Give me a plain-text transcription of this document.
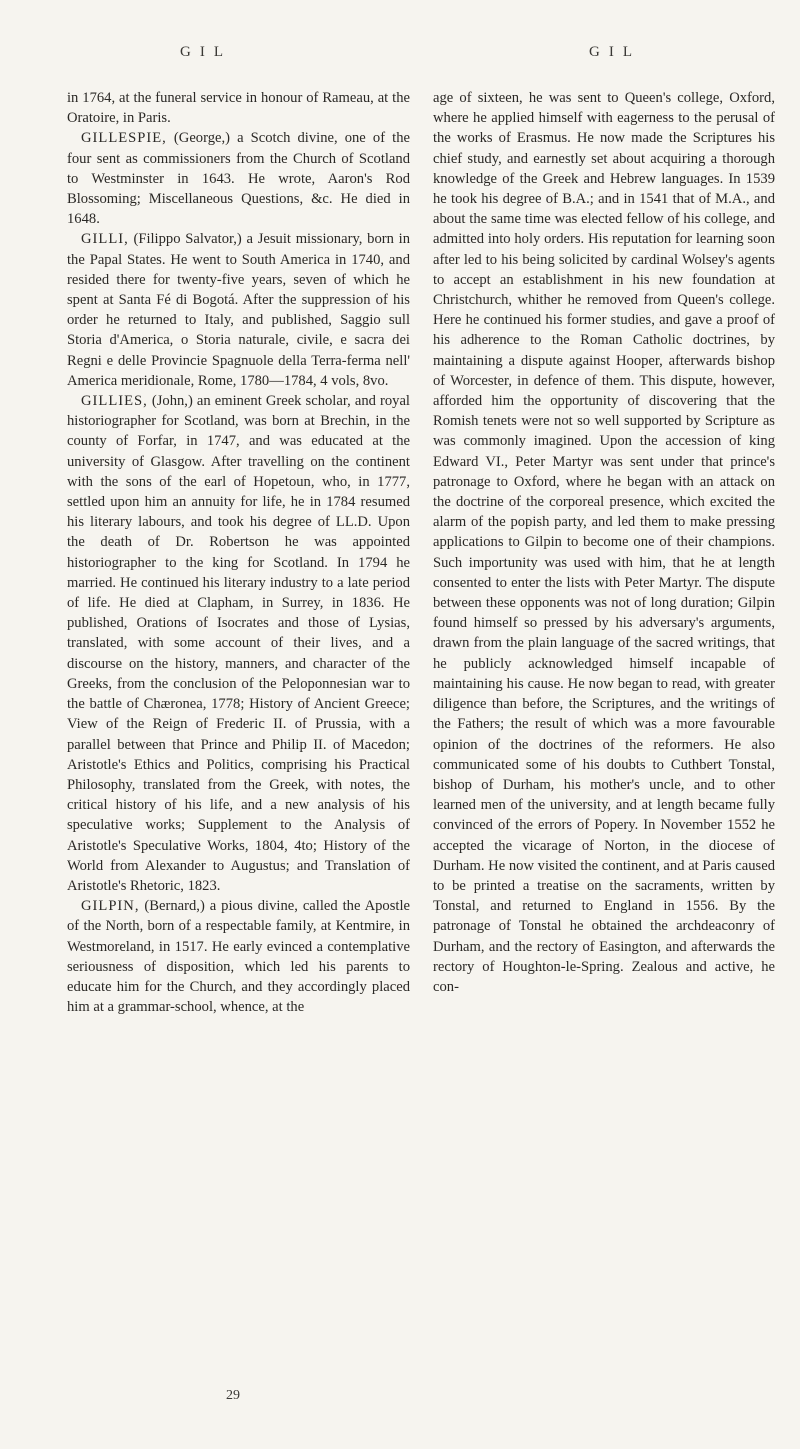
GIL	GIL

in 1764, at the funeral service in honour of Rameau, at the Oratoire, in Paris.

GILLESPIE, (George,) a Scotch divine, one of the four sent as commissioners from the Church of Scotland to Westminster in 1643. He wrote, Aaron's Rod Blossoming; Miscellaneous Questions, &c. He died in 1648.

GILLI, (Filippo Salvator,) a Jesuit missionary, born in the Papal States. He went to South America in 1740, and resided there for twenty-five years, seven of which he spent at Santa Fé di Bogotá. After the suppression of his order he returned to Italy, and published, Saggio sull Storia d'America, o Storia naturale, civile, e sacra dei Regni e delle Provincie Spagnuole della Terra-ferma nell' America meridionale, Rome, 1780—1784, 4 vols, 8vo.

GILLIES, (John,) an eminent Greek scholar, and royal historiographer for Scotland, was born at Brechin, in the county of Forfar, in 1747, and was educated at the university of Glasgow. After travelling on the continent with the sons of the earl of Hopetoun, who, in 1777, settled upon him an annuity for life, he in 1784 resumed his literary labours, and took his degree of LL.D. Upon the death of Dr. Robertson he was appointed historiographer to the king for Scotland. In 1794 he married. He continued his literary industry to a late period of life. He died at Clapham, in Surrey, in 1836. He published, Orations of Isocrates and those of Lysias, translated, with some account of their lives, and a discourse on the history, manners, and character of the Greeks, from the conclusion of the Peloponnesian war to the battle of Chæronea, 1778; History of Ancient Greece; View of the Reign of Frederic II. of Prussia, with a parallel between that Prince and Philip II. of Macedon; Aristotle's Ethics and Politics, comprising his Practical Philosophy, translated from the Greek, with notes, the critical history of his life, and a new analysis of his speculative works; Supplement to the Analysis of Aristotle's Speculative Works, 1804, 4to; History of the World from Alexander to Augustus; and Translation of Aristotle's Rhetoric, 1823.

GILPIN, (Bernard,) a pious divine, called the Apostle of the North, born of a respectable family, at Kentmire, in Westmoreland, in 1517. He early evinced a contemplative seriousness of disposition, which led his parents to educate him for the Church, and they accordingly placed him at a grammar-school, whence, at the

age of sixteen, he was sent to Queen's college, Oxford, where he applied himself with eagerness to the perusal of the works of Erasmus. He now made the Scriptures his chief study, and earnestly set about acquiring a thorough knowledge of the Greek and Hebrew languages. In 1539 he took his degree of B.A.; and in 1541 that of M.A., and about the same time was elected fellow of his college, and admitted into holy orders. His reputation for learning soon after led to his being solicited by cardinal Wolsey's agents to accept an establishment in his new foundation at Christchurch, whither he removed from Queen's college. Here he continued his former studies, and gave a proof of his adherence to the Roman Catholic doctrines, by maintaining a dispute against Hooper, afterwards bishop of Worcester, in defence of them. This dispute, however, afforded him the opportunity of discovering that the Romish tenets were not so well supported by Scripture as was commonly imagined. Upon the accession of king Edward VI., Peter Martyr was sent under that prince's patronage to Oxford, where he began with an attack on the doctrine of the corporeal presence, which excited the alarm of the popish party, and led them to make pressing applications to Gilpin to become one of their champions. Such importunity was used with him, that he at length consented to enter the lists with Peter Martyr. The dispute between these opponents was not of long duration; Gilpin found himself so pressed by his adversary's arguments, drawn from the plain language of the sacred writings, that he publicly acknowledged himself incapable of maintaining his cause. He now began to read, with greater diligence than before, the Scriptures, and the writings of the Fathers; the result of which was a more favourable opinion of the doctrines of the reformers. He also communicated some of his doubts to Cuthbert Tonstal, bishop of Durham, his mother's uncle, and to other learned men of the university, and at length became fully convinced of the errors of Popery. In November 1552 he accepted the vicarage of Norton, in the diocese of Durham. He now visited the continent, and at Paris caused to be printed a treatise on the sacraments, written by Tonstal, and returned to England in 1556. By the patronage of Tonstal he obtained the archdeaconry of Durham, and the rectory of Easington, and afterwards the rectory of Houghton-le-Spring. Zealous and active, he con-

29
